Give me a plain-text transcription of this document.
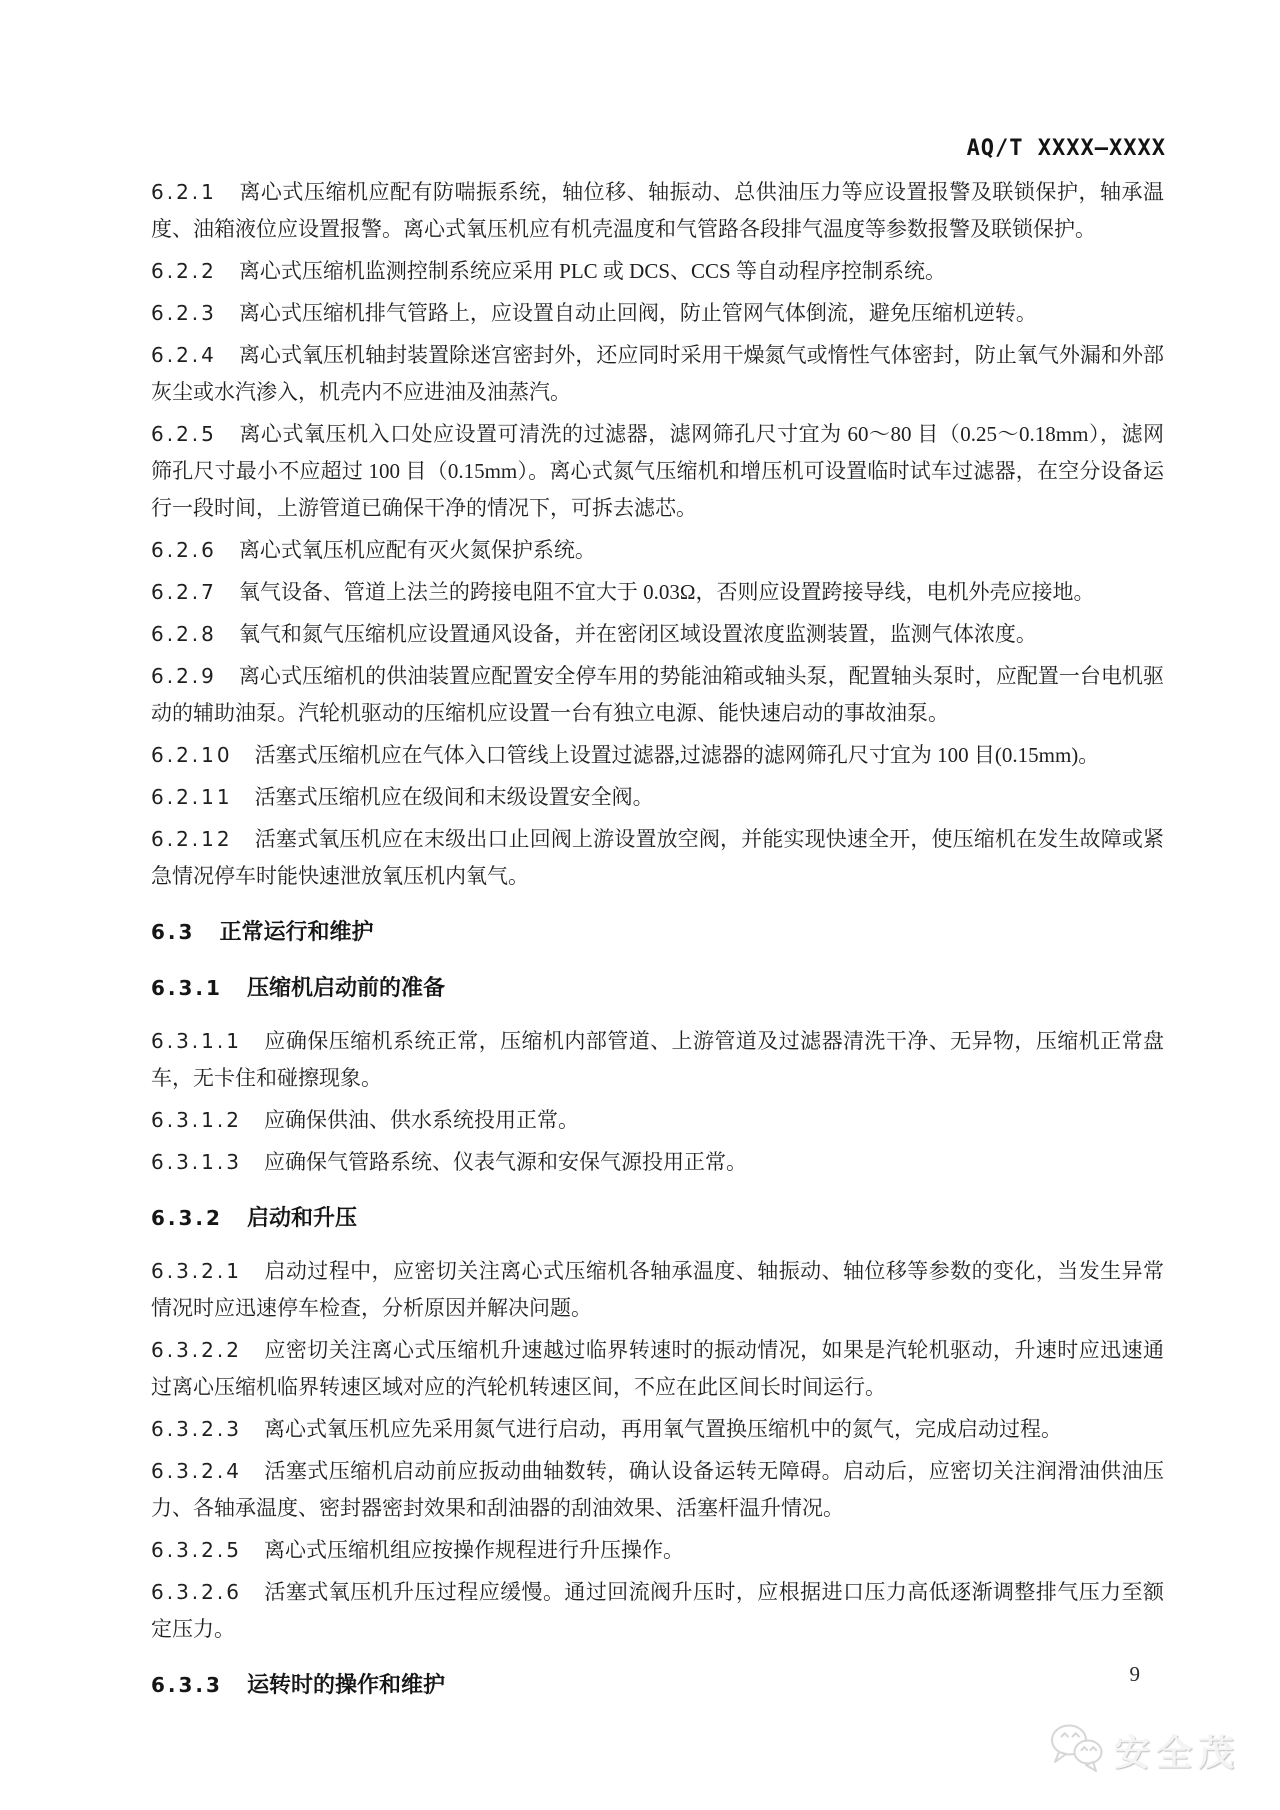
AQ/T XXXX—XXXX

6.2.1 离心式压缩机应配有防喘振系统，轴位移、轴振动、总供油压力等应设置报警及联锁保护，轴承温度、油箱液位应设置报警。离心式氧压机应有机壳温度和气管路各段排气温度等参数报警及联锁保护。

6.2.2 离心式压缩机监测控制系统应采用 PLC 或 DCS、CCS 等自动程序控制系统。

6.2.3 离心式压缩机排气管路上，应设置自动止回阀，防止管网气体倒流，避免压缩机逆转。

6.2.4 离心式氧压机轴封装置除迷宫密封外，还应同时采用干燥氮气或惰性气体密封，防止氧气外漏和外部灰尘或水汽渗入，机壳内不应进油及油蒸汽。

6.2.5 离心式氧压机入口处应设置可清洗的过滤器，滤网筛孔尺寸宜为 60～80 目（0.25～0.18mm），滤网筛孔尺寸最小不应超过 100 目（0.15mm）。离心式氮气压缩机和增压机可设置临时试车过滤器，在空分设备运行一段时间，上游管道已确保干净的情况下，可拆去滤芯。

6.2.6 离心式氧压机应配有灭火氮保护系统。

6.2.7 氧气设备、管道上法兰的跨接电阻不宜大于 0.03Ω，否则应设置跨接导线，电机外壳应接地。

6.2.8 氧气和氮气压缩机应设置通风设备，并在密闭区域设置浓度监测装置，监测气体浓度。

6.2.9 离心式压缩机的供油装置应配置安全停车用的势能油箱或轴头泵，配置轴头泵时，应配置一台电机驱动的辅助油泵。汽轮机驱动的压缩机应设置一台有独立电源、能快速启动的事故油泵。

6.2.10 活塞式压缩机应在气体入口管线上设置过滤器,过滤器的滤网筛孔尺寸宜为 100 目(0.15mm)。

6.2.11 活塞式压缩机应在级间和末级设置安全阀。

6.2.12 活塞式氧压机应在末级出口止回阀上游设置放空阀，并能实现快速全开，使压缩机在发生故障或紧急情况停车时能快速泄放氧压机内氧气。

6.3 正常运行和维护

6.3.1 压缩机启动前的准备

6.3.1.1 应确保压缩机系统正常，压缩机内部管道、上游管道及过滤器清洗干净、无异物，压缩机正常盘车，无卡住和碰擦现象。

6.3.1.2 应确保供油、供水系统投用正常。

6.3.1.3 应确保气管路系统、仪表气源和安保气源投用正常。

6.3.2 启动和升压

6.3.2.1 启动过程中，应密切关注离心式压缩机各轴承温度、轴振动、轴位移等参数的变化，当发生异常情况时应迅速停车检查，分析原因并解决问题。

6.3.2.2 应密切关注离心式压缩机升速越过临界转速时的振动情况，如果是汽轮机驱动，升速时应迅速通过离心压缩机临界转速区域对应的汽轮机转速区间，不应在此区间长时间运行。

6.3.2.3 离心式氧压机应先采用氮气进行启动，再用氧气置换压缩机中的氮气，完成启动过程。

6.3.2.4 活塞式压缩机启动前应扳动曲轴数转，确认设备运转无障碍。启动后，应密切关注润滑油供油压力、各轴承温度、密封器密封效果和刮油器的刮油效果、活塞杆温升情况。

6.3.2.5 离心式压缩机组应按操作规程进行升压操作。

6.3.2.6 活塞式氧压机升压过程应缓慢。通过回流阀升压时，应根据进口压力高低逐渐调整排气压力至额定压力。

6.3.3 运转时的操作和维护	9
安全茂
